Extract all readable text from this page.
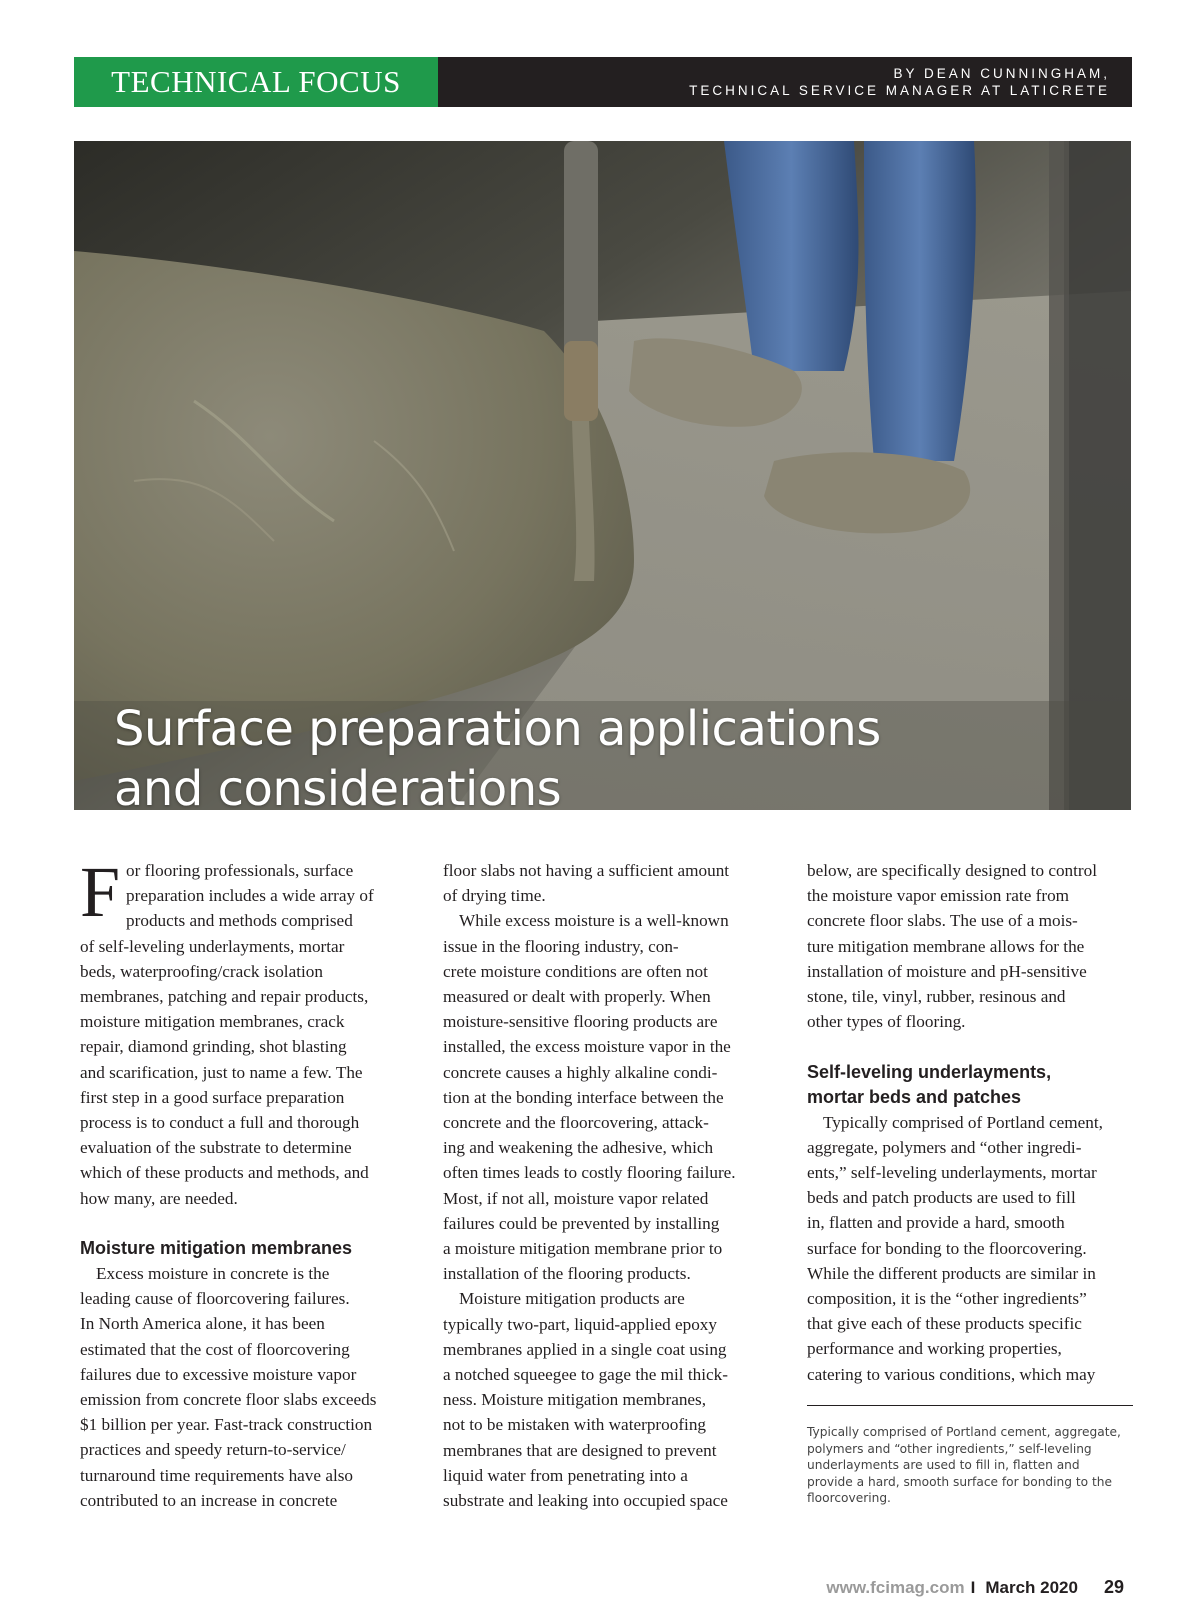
TECHNICAL FOCUS	BY DEAN CUNNINGHAM,
TECHNICAL SERVICE MANAGER AT LATICRETE
Surface preparation applications
and considerations

F or flooring professionals, surface
preparation includes a wide array of
products and methods comprised
of self-leveling underlayments, mortar
beds, waterproofing/crack isolation
membranes, patching and repair products,
moisture mitigation membranes, crack
repair, diamond grinding, shot blasting
and scarification, just to name a few. The
first step in a good surface preparation
process is to conduct a full and thorough
evaluation of the substrate to determine
which of these products and methods, and
how many, are needed.

Moisture mitigation membranes

Excess moisture in concrete is the
leading cause of floorcovering failures.
In North America alone, it has been
estimated that the cost of floorcovering
failures due to excessive moisture vapor
emission from concrete floor slabs exceeds
$1 billion per year. Fast-track construction
practices and speedy return-to-service/
turnaround time requirements have also
contributed to an increase in concrete

floor slabs not having a sufficient amount
of drying time.

While excess moisture is a well-known
issue in the flooring industry, con-
crete moisture conditions are often not
measured or dealt with properly. When
moisture-sensitive flooring products are
installed, the excess moisture vapor in the
concrete causes a highly alkaline condi-
tion at the bonding interface between the
concrete and the floorcovering, attack-
ing and weakening the adhesive, which
often times leads to costly flooring failure.
Most, if not all, moisture vapor related
failures could be prevented by installing
a moisture mitigation membrane prior to
installation of the flooring products.

Moisture mitigation products are
typically two-part, liquid-applied epoxy
membranes applied in a single coat using
a notched squeegee to gage the mil thick-
ness. Moisture mitigation membranes,
not to be mistaken with waterproofing
membranes that are designed to prevent
liquid water from penetrating into a
substrate and leaking into occupied space

below, are specifically designed to control
the moisture vapor emission rate from
concrete floor slabs. The use of a mois-
ture mitigation membrane allows for the
installation of moisture and pH-sensitive
stone, tile, vinyl, rubber, resinous and
other types of flooring.

Self-leveling underlayments,
mortar beds and patches

Typically comprised of Portland cement,
aggregate, polymers and “other ingredi-
ents,” self-leveling underlayments, mortar
beds and patch products are used to fill
in, flatten and provide a hard, smooth
surface for bonding to the floorcovering.
While the different products are similar in
composition, it is the “other ingredients”
that give each of these products specific
performance and working properties,
catering to various conditions, which may

Typically comprised of Portland cement, aggregate,
polymers and “other ingredients,” self-leveling
underlayments are used to fill in, flatten and
provide a hard, smooth surface for bonding to the
floorcovering.
www.fcimag.com I March 2020 29
